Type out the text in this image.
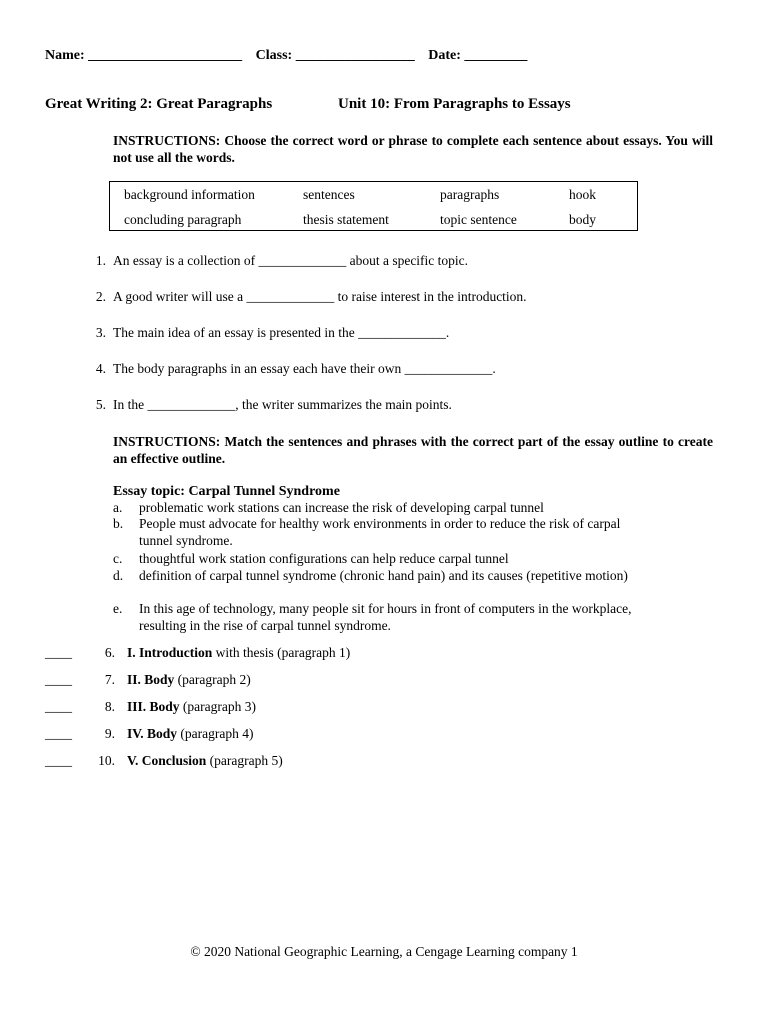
Name: ______________________ Class: _________________ Date: _________
Great Writing 2: Great Paragraphs	Unit 10: From Paragraphs to Essays
INSTRUCTIONS: Choose the correct word or phrase to complete each sentence about essays. You will not use all the words.
background information	sentences	paragraphs	hook
concluding paragraph	thesis statement	topic sentence	body
1. An essay is a collection of _____________ about a specific topic.
2. A good writer will use a _____________ to raise interest in the introduction.
3. The main idea of an essay is presented in the _____________.
4. The body paragraphs in an essay each have their own _____________.
5. In the _____________, the writer summarizes the main points.
INSTRUCTIONS: Match the sentences and phrases with the correct part of the essay outline to create an effective outline.
Essay topic: Carpal Tunnel Syndrome
a. problematic work stations can increase the risk of developing carpal tunnel
b. People must advocate for healthy work environments in order to reduce the risk of carpal tunnel syndrome.
c. thoughtful work station configurations can help reduce carpal tunnel
d. definition of carpal tunnel syndrome (chronic hand pain) and its causes (repetitive motion)
e. In this age of technology, many people sit for hours in front of computers in the workplace, resulting in the rise of carpal tunnel syndrome.
____ 6. I. Introduction with thesis (paragraph 1)
____ 7. II. Body (paragraph 2)
____ 8. III. Body (paragraph 3)
____ 9. IV. Body (paragraph 4)
____ 10. V. Conclusion (paragraph 5)
© 2020 National Geographic Learning, a Cengage Learning company 1
